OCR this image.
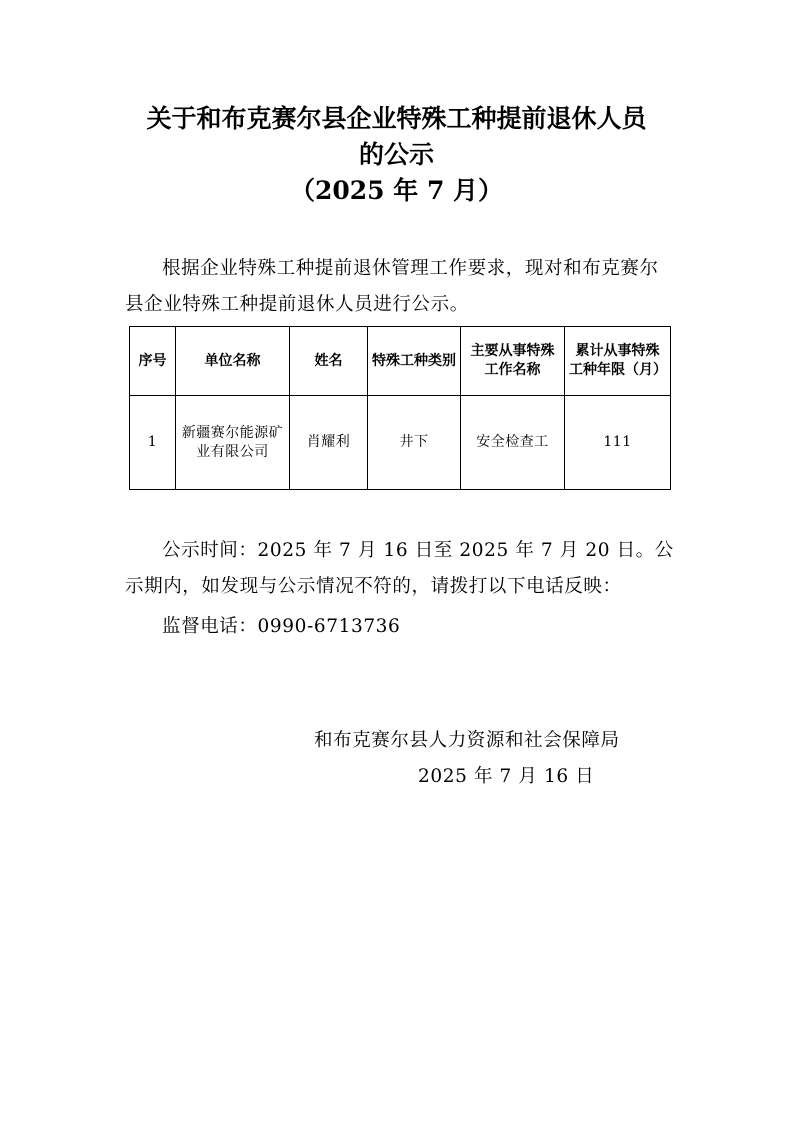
关于和布克赛尔县企业特殊工种提前退休人员
的公示
（2025 年 7 月）
根据企业特殊工种提前退休管理工作要求，现对和布克赛尔县企业特殊工种提前退休人员进行公示。
序号	单位名称	姓名	特殊工种类别	主要从事特殊工作名称	累计从事特殊工种年限（月）
1	新疆赛尔能源矿业有限公司	肖耀利	井下	安全检查工	111
公示时间：2025 年 7 月 16 日至 2025 年 7 月 20 日。公示期内，如发现与公示情况不符的，请拨打以下电话反映：
监督电话：0990-6713736
和布克赛尔县人力资源和社会保障局
2025 年 7 月 16 日
